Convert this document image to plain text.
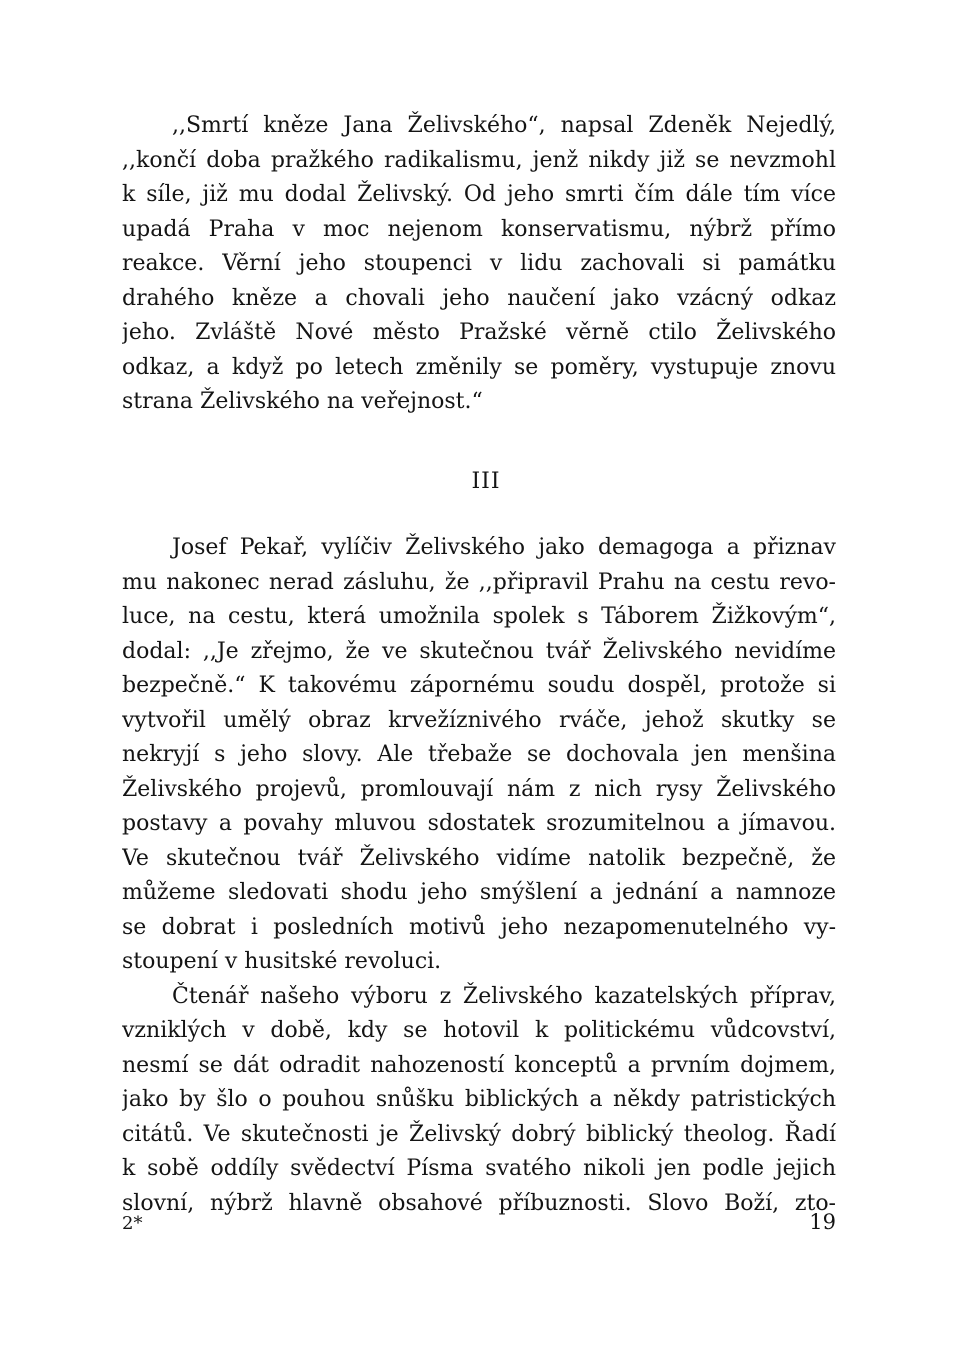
,,Smrtí kněze Jana Želivského“, napsal Zdeněk Nejedlý,
,,končí doba pražkého radikalismu, jenž nikdy již se nevzmohl
k síle, již mu dodal Želivský. Od jeho smrti čím dále tím více
upadá Praha v moc nejenom konservatismu, nýbrž přímo
reakce. Věrní jeho stoupenci v lidu zachovali si památku
drahého kněze a chovali jeho naučení jako vzácný odkaz
jeho. Zvláště Nové město Pražské věrně ctilo Želivského
odkaz, a když po letech změnily se poměry, vystupuje znovu
strana Želivského na veřejnost.“
III
Josef Pekař, vylíčiv Želivského jako demagoga a přiznav
mu nakonec nerad zásluhu, že ,,připravil Prahu na cestu revo-
luce, na cestu, která umožnila spolek s Táborem Žižkovým“,
dodal: ,,Je zřejmo, že ve skutečnou tvář Želivského nevidíme
bezpečně.“ K takovému zápornému soudu dospěl, protože si
vytvořil umělý obraz krvežíznivého rváče, jehož skutky se
nekryjí s jeho slovy. Ale třebaže se dochovala jen menšina
Želivského projevů, promlouvají nám z nich rysy Želivského
postavy a povahy mluvou sdostatek srozumitelnou a jímavou.
Ve skutečnou tvář Želivského vidíme natolik bezpečně, že
můžeme sledovati shodu jeho smýšlení a jednání a namnoze
se dobrat i posledních motivů jeho nezapomenutelného vy-
stoupení v husitské revoluci.
Čtenář našeho výboru z Želivského kazatelských příprav,
vzniklých v době, kdy se hotovil k politickému vůdcovství,
nesmí se dát odradit nahozeností konceptů a prvním dojmem,
jako by šlo o pouhou snůšku biblických a někdy patristických
citátů. Ve skutečnosti je Želivský dobrý biblický theolog. Řadí
k sobě oddíly svědectví Písma svatého nikoli jen podle jejich
slovní, nýbrž hlavně obsahové příbuznosti. Slovo Boží, zto-
2*	19
